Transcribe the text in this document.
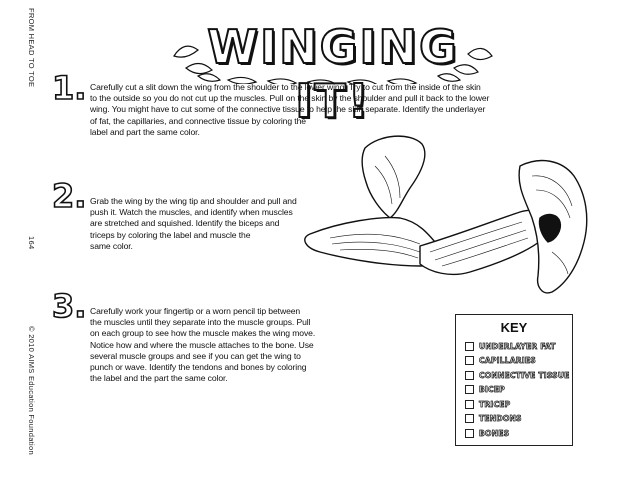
FROM HEAD TO TOE
164
© 2010 AIMS Education Foundation
WINGING IT!
1. Carefully cut a slit down the wing from the shoulder to the lower wing. Try to cut from the inside of the skin
to the outside so you do not cut up the muscles. Pull on the skin by the shoulder and pull it back to the lower
wing. You might have to cut some of the connective tissue to help the skin separate. Identify the underlayer
of fat, the capillaries, and connective tissue by coloring the
label and part the same color.
2. Grab the wing by the wing tip and shoulder and pull and
push it. Watch the muscles, and identify when muscles
are stretched and squished. Identify the biceps and
triceps by coloring the label and muscle the
same color.
3. Carefully work your fingertip or a worn pencil tip between
the muscles until they separate into the muscle groups. Pull
on each group to see how the muscle makes the wing move.
Notice how and where the muscle attaches to the bone. Use
several muscle groups and see if you can get the wing to
punch or wave. Identify the tendons and bones by coloring
the label and the part the same color.
KEY
UNDERLAYER FAT
CAPILLARIES
CONNECTIVE TISSUE
BICEP
TRICEP
TENDONS
BONES
